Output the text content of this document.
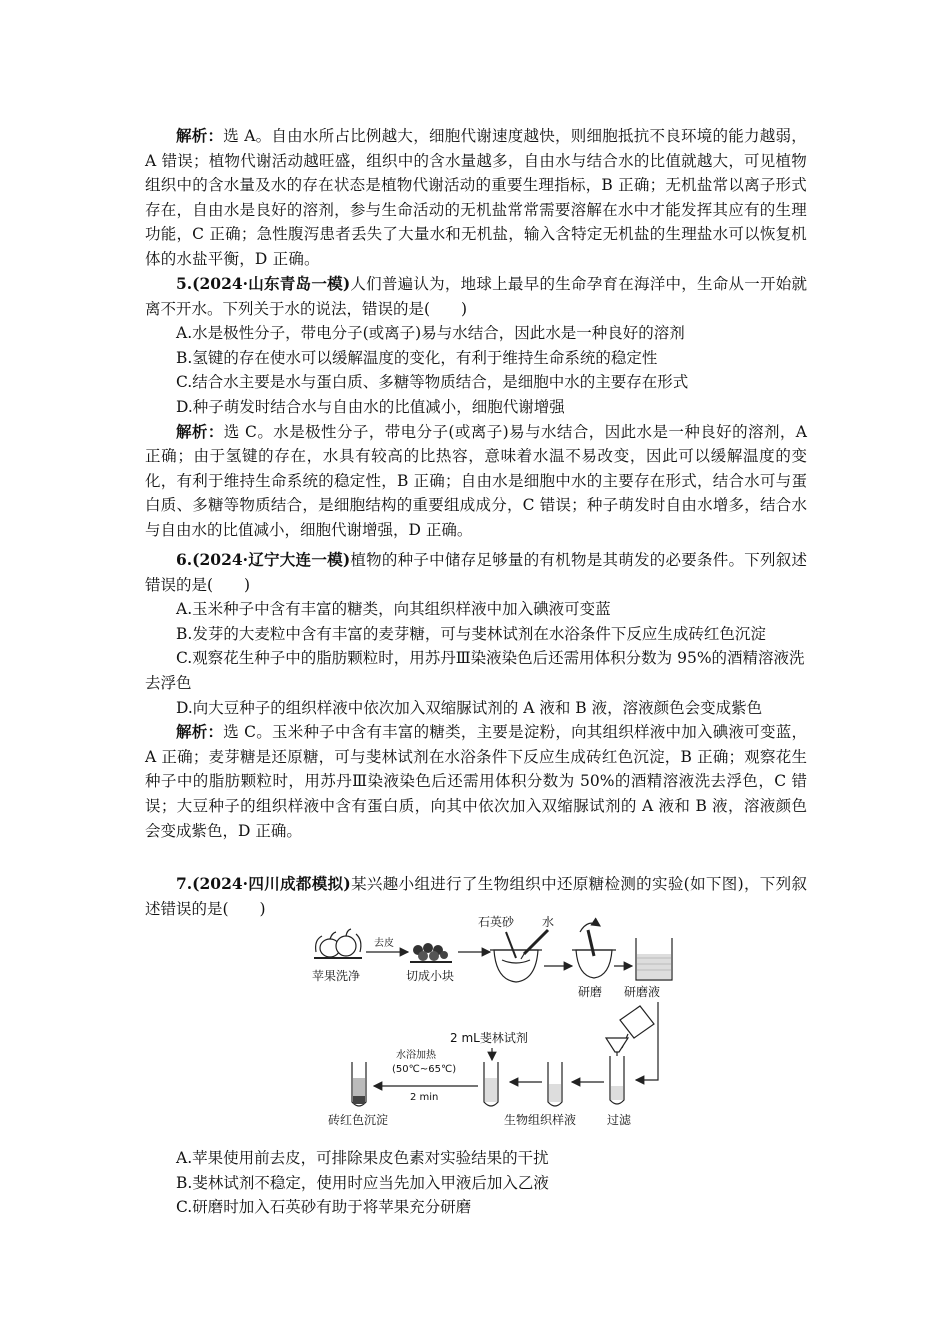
解析：选 A。自由水所占比例越大，细胞代谢速度越快，则细胞抵抗不良环境的能力越弱，A 错误；植物代谢活动越旺盛，组织中的含水量越多，自由水与结合水的比值就越大，可见植物组织中的含水量及水的存在状态是植物代谢活动的重要生理指标，B 正确；无机盐常以离子形式存在，自由水是良好的溶剂，参与生命活动的无机盐常常需要溶解在水中才能发挥其应有的生理功能，C 正确；急性腹泻患者丢失了大量水和无机盐，输入含特定无机盐的生理盐水可以恢复机体的水盐平衡，D 正确。

5.(2024·山东青岛一模)人们普遍认为，地球上最早的生命孕育在海洋中，生命从一开始就离不开水。下列关于水的说法，错误的是(　　)

A.水是极性分子，带电分子(或离子)易与水结合，因此水是一种良好的溶剂

B.氢键的存在使水可以缓解温度的变化，有利于维持生命系统的稳定性

C.结合水主要是水与蛋白质、多糖等物质结合，是细胞中水的主要存在形式

D.种子萌发时结合水与自由水的比值减小，细胞代谢增强

解析：选 C。水是极性分子，带电分子(或离子)易与水结合，因此水是一种良好的溶剂，A 正确；由于氢键的存在，水具有较高的比热容，意味着水温不易改变，因此可以缓解温度的变化，有利于维持生命系统的稳定性，B 正确；自由水是细胞中水的主要存在形式，结合水可与蛋白质、多糖等物质结合，是细胞结构的重要组成成分，C 错误；种子萌发时自由水增多，结合水与自由水的比值减小，细胞代谢增强，D 正确。

6.(2024·辽宁大连一模)植物的种子中储存足够量的有机物是其萌发的必要条件。下列叙述错误的是(　　)

A.玉米种子中含有丰富的糖类，向其组织样液中加入碘液可变蓝

B.发芽的大麦粒中含有丰富的麦芽糖，可与斐林试剂在水浴条件下反应生成砖红色沉淀

C.观察花生种子中的脂肪颗粒时，用苏丹Ⅲ染液染色后还需用体积分数为 95%的酒精溶液洗去浮色

D.向大豆种子的组织样液中依次加入双缩脲试剂的 A 液和 B 液，溶液颜色会变成紫色

解析：选 C。玉米种子中含有丰富的糖类，主要是淀粉，向其组织样液中加入碘液可变蓝，A 正确；麦芽糖是还原糖，可与斐林试剂在水浴条件下反应生成砖红色沉淀，B 正确；观察花生种子中的脂肪颗粒时，用苏丹Ⅲ染液染色后还需用体积分数为 50%的酒精溶液洗去浮色，C 错误；大豆种子的组织样液中含有蛋白质，向其中依次加入双缩脲试剂的 A 液和 B 液，溶液颜色会变成紫色，D 正确。

7.(2024·四川成都模拟)某兴趣小组进行了生物组织中还原糖检测的实验(如下图)，下列叙述错误的是(　　)

苹果洗净
去皮
切成小块
石英砂 水
研磨 研磨液
过滤
生物组织样液
2 mL斐林试剂
水浴加热
(50℃~65℃)
2 min
砖红色沉淀

A.苹果使用前去皮，可排除果皮色素对实验结果的干扰

B.斐林试剂不稳定，使用时应当先加入甲液后加入乙液

C.研磨时加入石英砂有助于将苹果充分研磨
